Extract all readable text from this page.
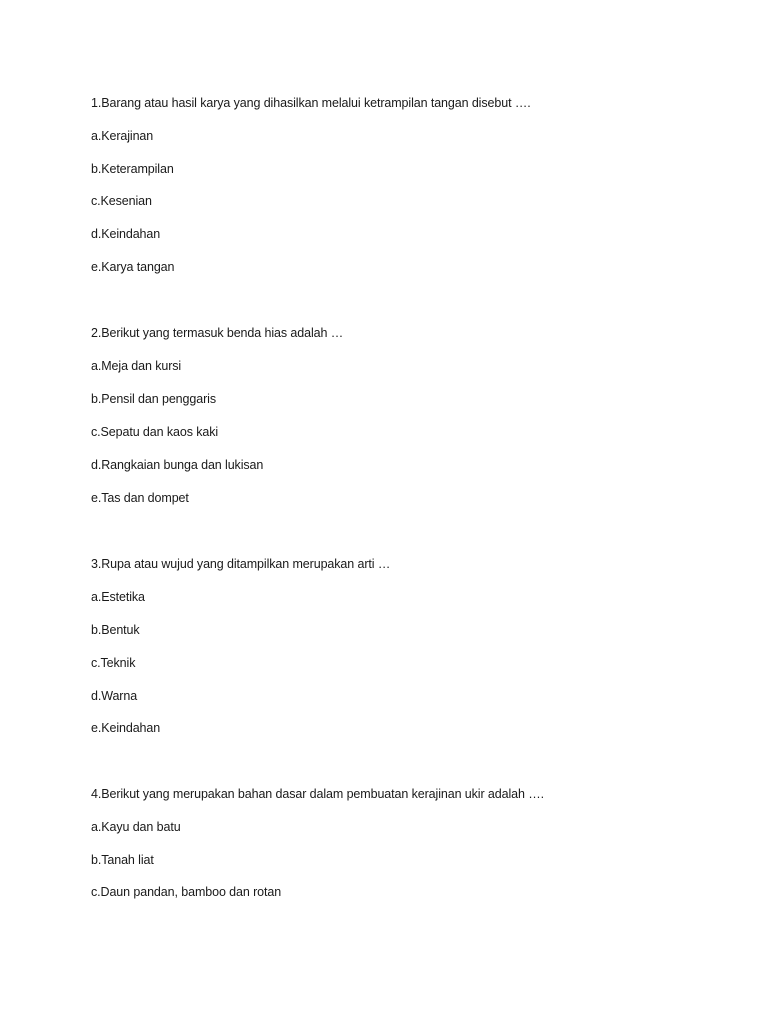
1.Barang atau hasil karya yang dihasilkan melalui ketrampilan tangan disebut ….
a.Kerajinan
b.Keterampilan
c.Kesenian
d.Keindahan
e.Karya tangan
2.Berikut yang termasuk benda hias adalah …
a.Meja dan kursi
b.Pensil dan penggaris
c.Sepatu dan kaos kaki
d.Rangkaian bunga dan lukisan
e.Tas dan dompet
3.Rupa atau wujud yang ditampilkan merupakan arti …
a.Estetika
b.Bentuk
c.Teknik
d.Warna
e.Keindahan
4.Berikut yang merupakan bahan dasar dalam pembuatan kerajinan ukir adalah ….
a.Kayu dan batu
b.Tanah liat
c.Daun pandan, bamboo dan rotan
